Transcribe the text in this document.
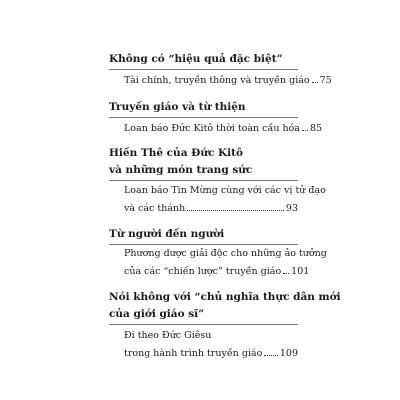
Không có “hiệu quả đặc biệt”
Tài chính, truyền thông và truyền giáo 75
Truyền giáo và từ thiện
Loan báo Đức Kitô thời toàn cầu hóa 85
Hiền Thê của Đức Kitô
và những món trang sức
Loan báo Tin Mừng cùng với các vị tử đạo
và các thánh	93
Từ người đến người
Phương dược giải độc cho những ảo tưởng
của các “chiến lược” truyền giáo 101
Nói không với “chủ nghĩa thực dân mới
của giới giáo sĩ”
Đi theo Đức Giêsu
trong hành trình truyền giáo 109
